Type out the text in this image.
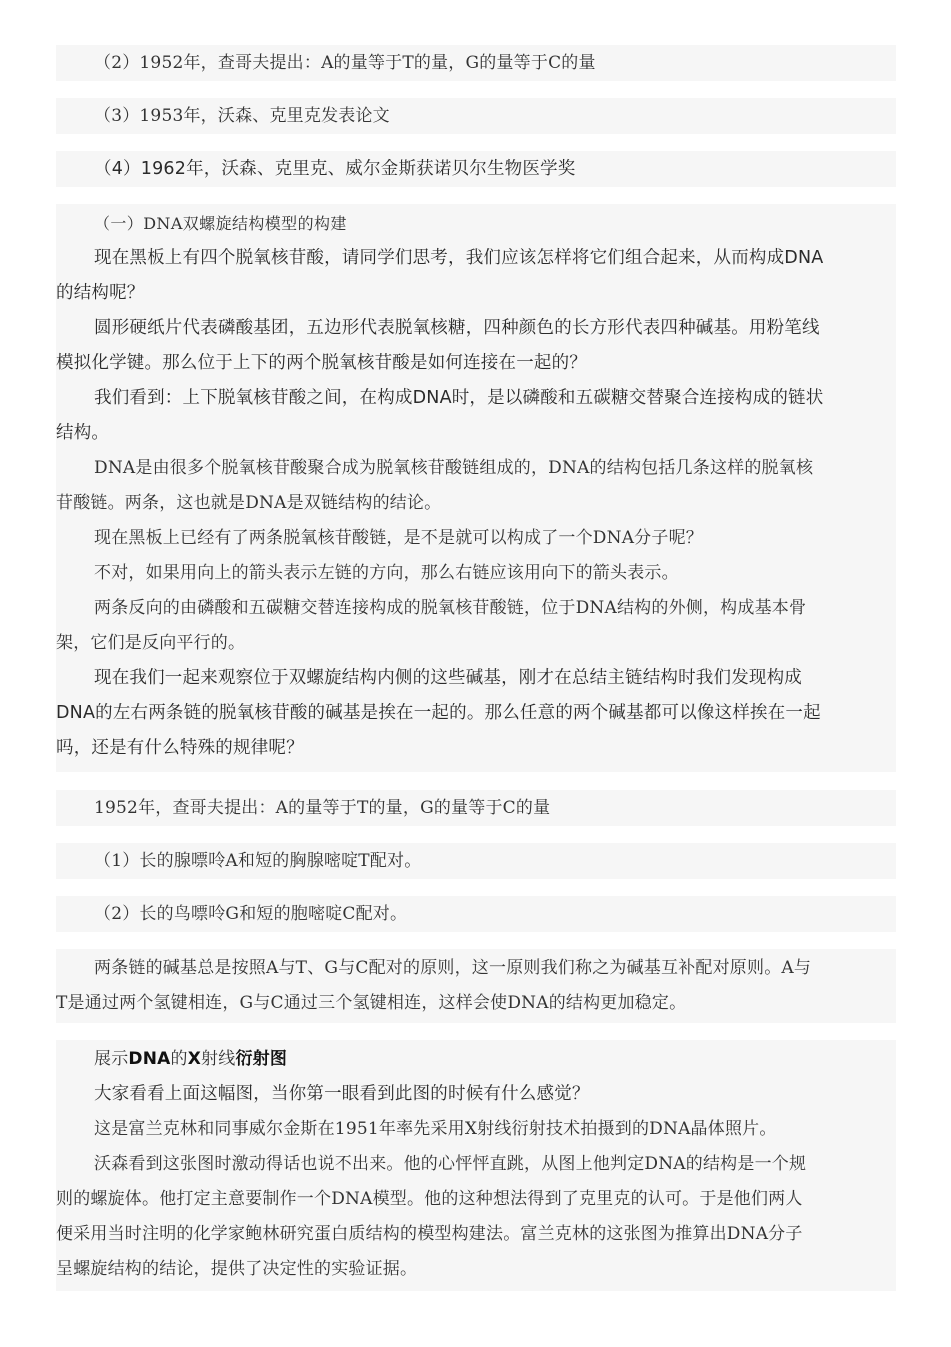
（2）1952年，查哥夫提出：A的量等于T的量，G的量等于C的量
（3）1953年，沃森、克里克发表论文
（4）1962年，沃森、克里克、威尔金斯获诺贝尔生物医学奖
（一）DNA双螺旋结构模型的构建
现在黑板上有四个脱氧核苷酸，请同学们思考，我们应该怎样将它们组合起来，从而构成DNA
的结构呢？
圆形硬纸片代表磷酸基团，五边形代表脱氧核糖，四种颜色的长方形代表四种碱基。用粉笔线
模拟化学键。那么位于上下的两个脱氧核苷酸是如何连接在一起的？
我们看到：上下脱氧核苷酸之间，在构成DNA时，是以磷酸和五碳糖交替聚合连接构成的链状
结构。
DNA是由很多个脱氧核苷酸聚合成为脱氧核苷酸链组成的，DNA的结构包括几条这样的脱氧核
苷酸链。两条，这也就是DNA是双链结构的结论。
现在黑板上已经有了两条脱氧核苷酸链，是不是就可以构成了一个DNA分子呢？
不对，如果用向上的箭头表示左链的方向，那么右链应该用向下的箭头表示。
两条反向的由磷酸和五碳糖交替连接构成的脱氧核苷酸链，位于DNA结构的外侧，构成基本骨
架，它们是反向平行的。
现在我们一起来观察位于双螺旋结构内侧的这些碱基，刚才在总结主链结构时我们发现构成
DNA的左右两条链的脱氧核苷酸的碱基是挨在一起的。那么任意的两个碱基都可以像这样挨在一起
吗，还是有什么特殊的规律呢？
1952年，查哥夫提出：A的量等于T的量，G的量等于C的量
（1）长的腺嘌呤A和短的胸腺嘧啶T配对。
（2）长的鸟嘌呤G和短的胞嘧啶C配对。
两条链的碱基总是按照A与T、G与C配对的原则，这一原则我们称之为碱基互补配对原则。A与
T是通过两个氢键相连，G与C通过三个氢键相连，这样会使DNA的结构更加稳定。
展示DNA的X射线衍射图
大家看看上面这幅图，当你第一眼看到此图的时候有什么感觉？
这是富兰克林和同事威尔金斯在1951年率先采用X射线衍射技术拍摄到的DNA晶体照片。
沃森看到这张图时激动得话也说不出来。他的心怦怦直跳，从图上他判定DNA的结构是一个规
则的螺旋体。他打定主意要制作一个DNA模型。他的这种想法得到了克里克的认可。于是他们两人
便采用当时注明的化学家鲍林研究蛋白质结构的模型构建法。富兰克林的这张图为推算出DNA分子
呈螺旋结构的结论，提供了决定性的实验证据。
